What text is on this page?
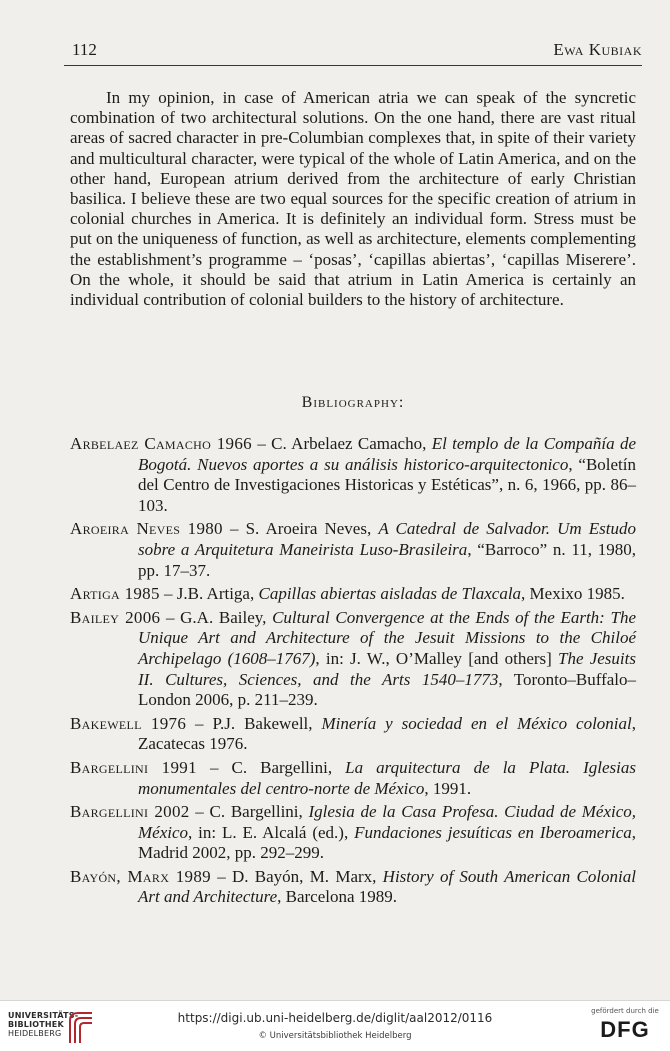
112	Ewa Kubiak

In my opinion, in case of American atria we can speak of the syncretic combination of two architectural solutions. On the one hand, there are vast ritual areas of sacred character in pre-Columbian complexes that, in spite of their variety and multicultural character, were typical of the whole of Latin America, and on the other hand, European atrium derived from the architecture of early Christian basilica. I believe these are two equal sources for the specific creation of atrium in colonial churches in America. It is definitely an individual form. Stress must be put on the uniqueness of function, as well as architecture, elements complementing the establishment’s programme – ‘posas’, ‘capillas abiertas’, ‘capillas Miserere’. On the whole, it should be said that atrium in Latin America is certainly an individual contribution of colonial builders to the history of architecture.

Bibliography:
Arbelaez Camacho 1966 – C. Arbelaez Camacho, El templo de la Compañía de Bogotá. Nuevos aportes a su análisis historico-arquitectonico, “Boletín del Centro de Investigaciones Historicas y Estéticas”, n. 6, 1966, pp. 86–103.
Aroeira Neves 1980 – S. Aroeira Neves, A Catedral de Salvador. Um Estudo sobre a Arquitetura Maneirista Luso-Brasileira, “Barroco” n. 11, 1980, pp. 17–37.
Artiga 1985 – J.B. Artiga, Capillas abiertas aisladas de Tlaxcala, Mexixo 1985.
Bailey 2006 – G.A. Bailey, Cultural Convergence at the Ends of the Earth: The Unique Art and Architecture of the Jesuit Missions to the Chiloé Archipelago (1608–1767), in: J. W., O’Malley [and others] The Jesuits II. Cultures, Sciences, and the Arts 1540–1773, Toronto–Buffalo–London 2006, p. 211–239.
Bakewell 1976 – P.J. Bakewell, Minería y sociedad en el México colonial, Zacatecas 1976.
Bargellini 1991 – C. Bargellini, La arquitectura de la Plata. Iglesias monumentales del centro-norte de México, 1991.
Bargellini 2002 – C. Bargellini, Iglesia de la Casa Profesa. Ciudad de México, México, in: L. E. Alcalá (ed.), Fundaciones jesuíticas en Iberoamerica, Madrid 2002, pp. 292–299.
Bayón, Marx 1989 – D. Bayón, M. Marx, History of South American Colonial Art and Architecture, Barcelona 1989.
UNIVERSITÄTS-
BIBLIOTHEK
HEIDELBERG
https://digi.ub.uni-heidelberg.de/diglit/aal2012/0116
© Universitätsbibliothek Heidelberg
gefördert durch die
DFG
